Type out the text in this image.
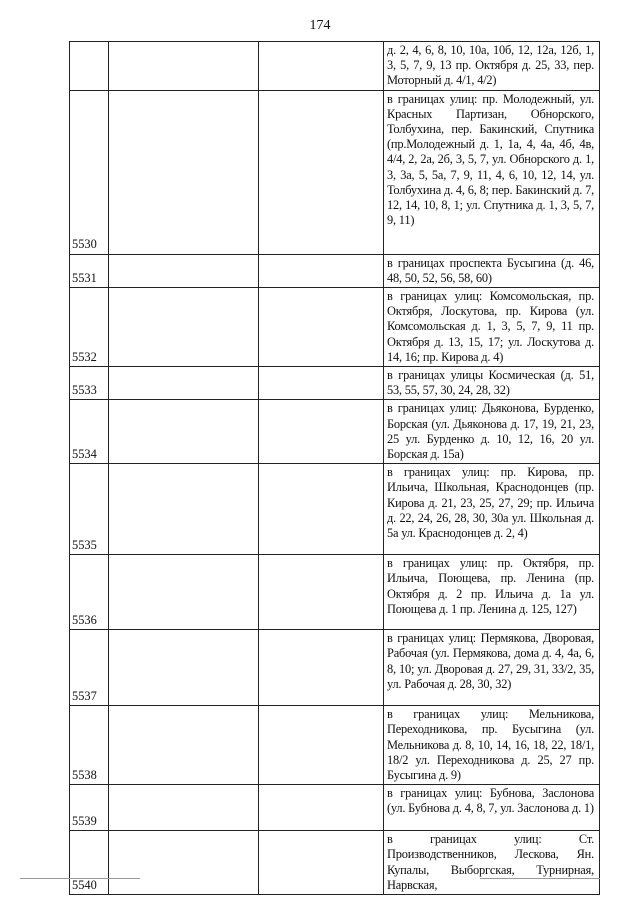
174
			д. 2, 4, 6, 8, 10, 10а, 10б, 12, 12а, 12б, 1, 3, 5, 7, 9, 13 пр. Октября д. 25, 33, пер. Моторный д. 4/1, 4/2)
5530			в границах улиц: пр. Молодежный, ул. Красных Партизан, Обнорского, Толбухина, пер. Бакинский, Спутника (пр.Молодежный д. 1, 1а, 4, 4а, 4б, 4в, 4/4, 2, 2а, 2б, 3, 5, 7, ул. Обнорского д. 1, 3, 3а, 5, 5а, 7, 9, 11, 4, 6, 10, 12, 14, ул. Толбухина д. 4, 6, 8; пер. Бакинский д. 7, 12, 14, 10, 8, 1; ул. Спутника д. 1, 3, 5, 7, 9, 11)
5531			в границах проспекта Бусыгина (д. 46, 48, 50, 52, 56, 58, 60)
5532			в границах улиц: Комсомольская, пр. Октября, Лоскутова, пр. Кирова (ул. Комсомольская д. 1, 3, 5, 7, 9, 11 пр. Октября д. 13, 15, 17; ул. Лоскутова д. 14, 16; пр. Кирова д. 4)
5533			в границах улицы Космическая (д. 51, 53, 55, 57, 30, 24, 28, 32)
5534			в границах улиц: Дьяконова, Бурденко, Борская (ул. Дьяконова д. 17, 19, 21, 23, 25 ул. Бурденко д. 10, 12, 16, 20 ул. Борская д. 15а)
5535			в границах улиц: пр. Кирова, пр. Ильича, Школьная, Краснодонцев (пр. Кирова д. 21, 23, 25, 27, 29; пр. Ильича д. 22, 24, 26, 28, 30, 30а ул. Школьная д. 5а ул. Краснодонцев д. 2, 4)
5536			в границах улиц: пр. Октября, пр. Ильича, Поющева, пр. Ленина (пр. Октября д. 2 пр. Ильича д. 1а ул. Поющева д. 1 пр. Ленина д. 125, 127)
5537			в границах улиц: Пермякова, Дворовая, Рабочая (ул. Пермякова, дома д. 4, 4а, 6, 8, 10; ул. Дворовая д. 27, 29, 31, 33/2, 35, ул. Рабочая д. 28, 30, 32)
5538			в границах улиц: Мельникова, Переходникова, пр. Бусыгина (ул. Мельникова д. 8, 10, 14, 16, 18, 22, 18/1, 18/2 ул. Переходникова д. 25, 27 пр. Бусыгина д. 9)
5539			в границах улиц: Бубнова, Заслонова (ул. Бубнова д. 4, 8, 7, ул. Заслонова д. 1)
5540			в границах улиц: Ст. Производственников, Лескова, Ян. Купалы, Выборгская, Турнирная, Нарвская,
